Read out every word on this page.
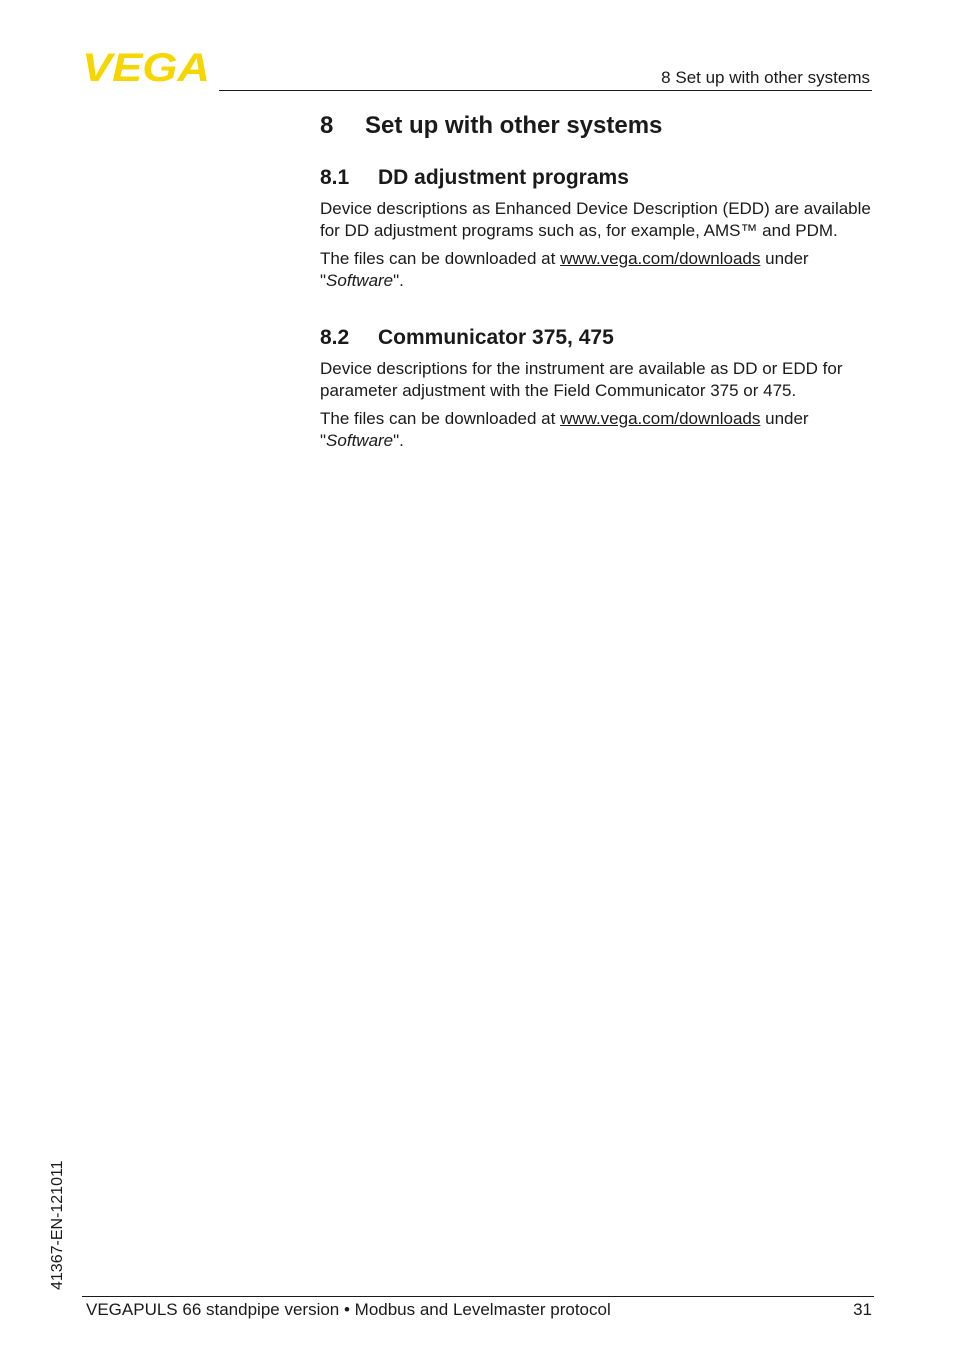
VEGA	8 Set up with other systems
8 Set up with other systems
8.1 DD adjustment programs

Device descriptions as Enhanced Device Description (EDD) are available for DD adjustment programs such as, for example, AMS™ and PDM.

The files can be downloaded at www.vega.com/downloads under "Software".

8.2 Communicator 375, 475

Device descriptions for the instrument are available as DD or EDD for parameter adjustment with the Field Communicator 375 or 475.

The files can be downloaded at www.vega.com/downloads under "Software".

41367-EN-121011
VEGAPULS 66 standpipe version • Modbus and Levelmaster protocol	31
